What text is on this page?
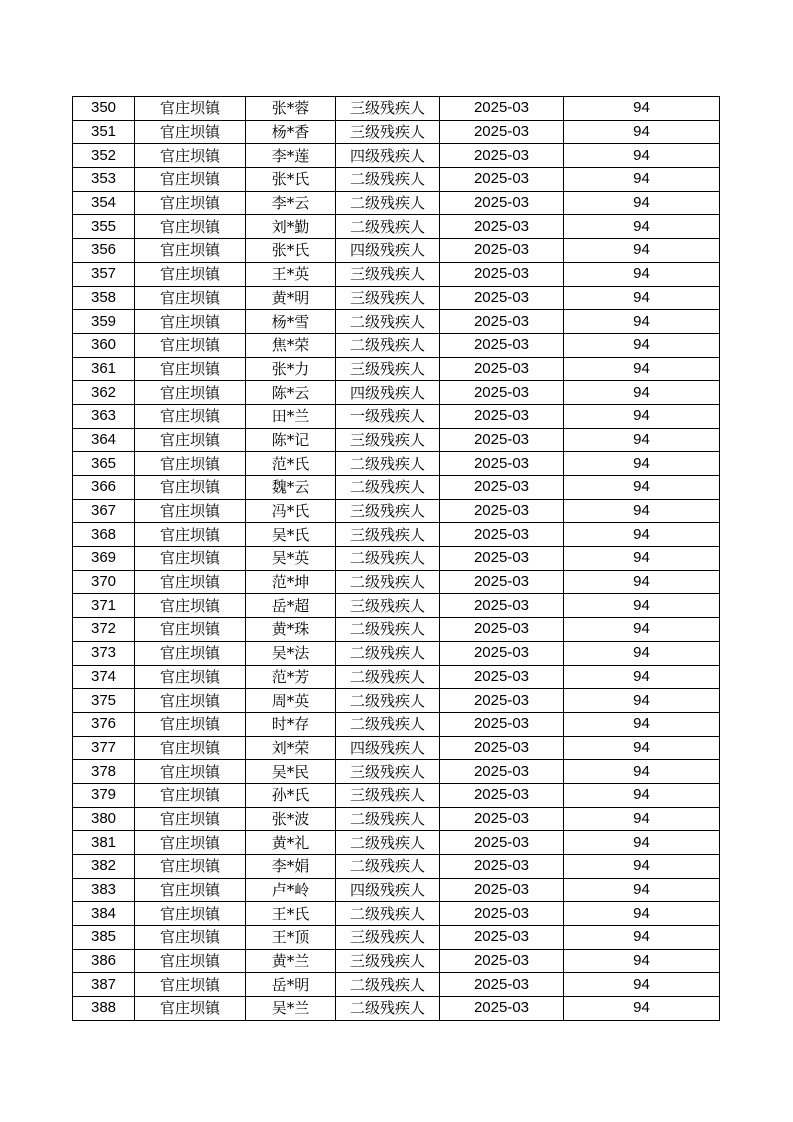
350	官庄坝镇	张*蓉	三级残疾人	2025-03	94
351	官庄坝镇	杨*香	三级残疾人	2025-03	94
352	官庄坝镇	李*莲	四级残疾人	2025-03	94
353	官庄坝镇	张*氏	二级残疾人	2025-03	94
354	官庄坝镇	李*云	二级残疾人	2025-03	94
355	官庄坝镇	刘*勤	二级残疾人	2025-03	94
356	官庄坝镇	张*氏	四级残疾人	2025-03	94
357	官庄坝镇	王*英	三级残疾人	2025-03	94
358	官庄坝镇	黄*明	三级残疾人	2025-03	94
359	官庄坝镇	杨*雪	二级残疾人	2025-03	94
360	官庄坝镇	焦*荣	二级残疾人	2025-03	94
361	官庄坝镇	张*力	三级残疾人	2025-03	94
362	官庄坝镇	陈*云	四级残疾人	2025-03	94
363	官庄坝镇	田*兰	一级残疾人	2025-03	94
364	官庄坝镇	陈*记	三级残疾人	2025-03	94
365	官庄坝镇	范*氏	二级残疾人	2025-03	94
366	官庄坝镇	魏*云	二级残疾人	2025-03	94
367	官庄坝镇	冯*氏	三级残疾人	2025-03	94
368	官庄坝镇	吴*氏	三级残疾人	2025-03	94
369	官庄坝镇	吴*英	二级残疾人	2025-03	94
370	官庄坝镇	范*坤	二级残疾人	2025-03	94
371	官庄坝镇	岳*超	三级残疾人	2025-03	94
372	官庄坝镇	黄*珠	二级残疾人	2025-03	94
373	官庄坝镇	吴*法	二级残疾人	2025-03	94
374	官庄坝镇	范*芳	二级残疾人	2025-03	94
375	官庄坝镇	周*英	二级残疾人	2025-03	94
376	官庄坝镇	时*存	二级残疾人	2025-03	94
377	官庄坝镇	刘*荣	四级残疾人	2025-03	94
378	官庄坝镇	吴*民	三级残疾人	2025-03	94
379	官庄坝镇	孙*氏	三级残疾人	2025-03	94
380	官庄坝镇	张*波	二级残疾人	2025-03	94
381	官庄坝镇	黄*礼	二级残疾人	2025-03	94
382	官庄坝镇	李*娟	二级残疾人	2025-03	94
383	官庄坝镇	卢*岭	四级残疾人	2025-03	94
384	官庄坝镇	王*氏	二级残疾人	2025-03	94
385	官庄坝镇	王*顶	三级残疾人	2025-03	94
386	官庄坝镇	黄*兰	三级残疾人	2025-03	94
387	官庄坝镇	岳*明	二级残疾人	2025-03	94
388	官庄坝镇	吴*兰	二级残疾人	2025-03	94
